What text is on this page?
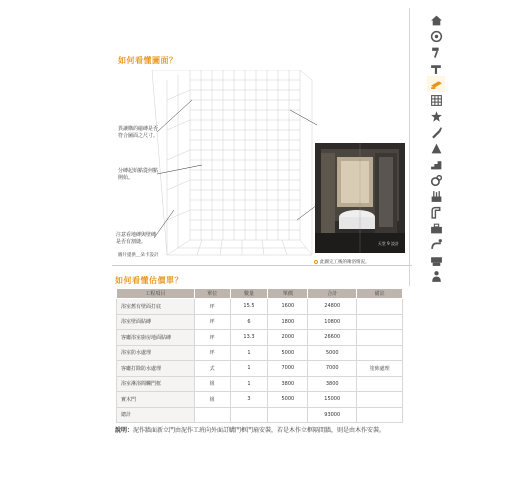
如何看懂圖面？
異讓購的磁磚是否符合圖面之尺寸。
分磚起始點從何點開始。
注意看地磚與壁磚是否有割縫。
圖片提供＿朵卡設計
天堂 9 設計
此圖完工後的衛浴情況。
如何看懂估價單？
工程項目	單位	數量	單價	合計	備註
浴室舊有壁面打底	坪	15.5	1600	24800	
浴室壁面貼磚	坪	6	1800	10800	
客廳浴室廚房地面貼磚	坪	13.3	2000	26600	
浴室防水處理	坪	1	5000	5000	
客廳打除防水處理	式	1	7000	7000	塗佈處理
浴室淋浴間觸門框	組	1	3800	3800	
實木門	組	3	5000	15000	
總計				93000	
說明：泥作牆面新立門由泥作工班向外面訂購門框門扇安裝，若是木作立框隔間牆，則是由木作安裝。
